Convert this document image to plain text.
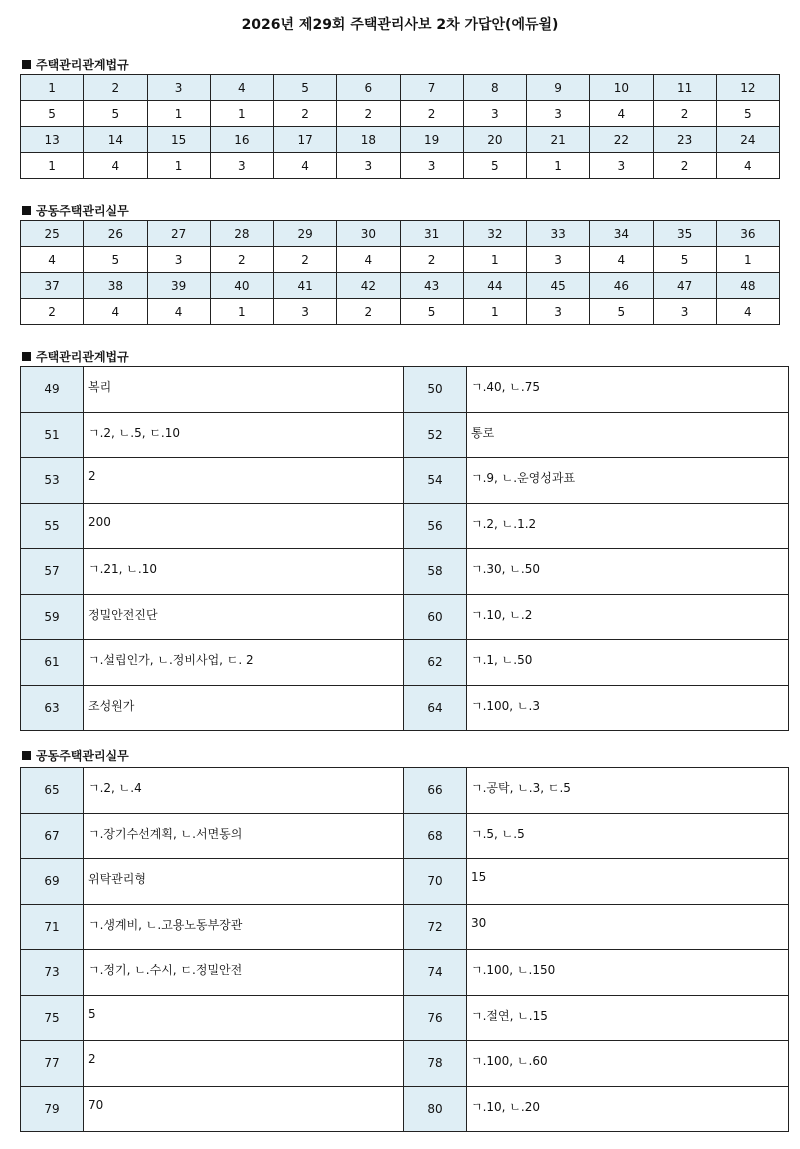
2026년 제29회 주택관리사보 2차 가답안(에듀윌)
주택관리관계법규
1	2	3	4	5	6	7	8	9	10	11	12
5	5	1	1	2	2	2	3	3	4	2	5
13	14	15	16	17	18	19	20	21	22	23	24
1	4	1	3	4	3	3	5	1	3	2	4
공동주택관리실무
25	26	27	28	29	30	31	32	33	34	35	36
4	5	3	2	2	4	2	1	3	4	5	1
37	38	39	40	41	42	43	44	45	46	47	48
2	4	4	1	3	2	5	1	3	5	3	4
주택관리관계법규
49	복리	50	ㄱ.40, ㄴ.75
51	ㄱ.2, ㄴ.5, ㄷ.10	52	통로
53	2	54	ㄱ.9, ㄴ.운영성과표
55	200	56	ㄱ.2, ㄴ.1.2
57	ㄱ.21, ㄴ.10	58	ㄱ.30, ㄴ.50
59	정밀안전진단	60	ㄱ.10, ㄴ.2
61	ㄱ.설립인가, ㄴ.정비사업, ㄷ. 2	62	ㄱ.1, ㄴ.50
63	조성원가	64	ㄱ.100, ㄴ.3
공동주택관리실무
65	ㄱ.2, ㄴ.4	66	ㄱ.공탁, ㄴ.3, ㄷ.5
67	ㄱ.장기수선계획, ㄴ.서면동의	68	ㄱ.5, ㄴ.5
69	위탁관리형	70	15
71	ㄱ.생계비, ㄴ.고용노동부장관	72	30
73	ㄱ.정기, ㄴ.수시, ㄷ.정밀안전	74	ㄱ.100, ㄴ.150
75	5	76	ㄱ.절연, ㄴ.15
77	2	78	ㄱ.100, ㄴ.60
79	70	80	ㄱ.10, ㄴ.20
